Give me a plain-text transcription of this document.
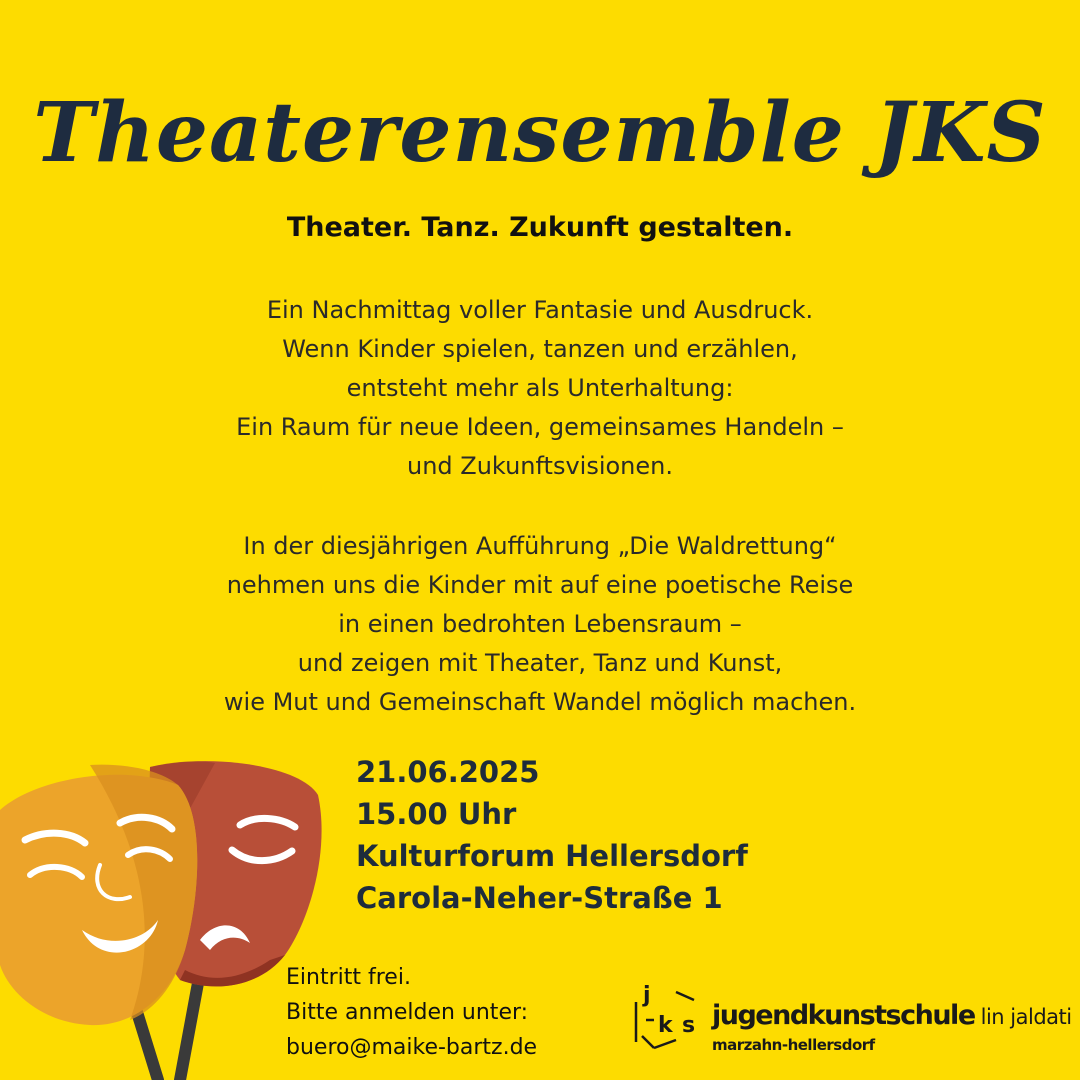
Theaterensemble JKS
Theater. Tanz. Zukunft gestalten.
Ein Nachmittag voller Fantasie und Ausdruck.
Wenn Kinder spielen, tanzen und erzählen,
entsteht mehr als Unterhaltung:
Ein Raum für neue Ideen, gemeinsames Handeln –
und Zukunftsvisionen.
In der diesjährigen Aufführung „Die Waldrettung“
nehmen uns die Kinder mit auf eine poetische Reise
in einen bedrohten Lebensraum –
und zeigen mit Theater, Tanz und Kunst,
wie Mut und Gemeinschaft Wandel möglich machen.
21.06.2025
15.00 Uhr
Kulturforum Hellersdorf
Carola-Neher-Straße 1
Eintritt frei.
Bitte anmelden unter:
buero@maike-bartz.de
j
k s jugendkunstschule lin jaldati
marzahn-hellersdorf
